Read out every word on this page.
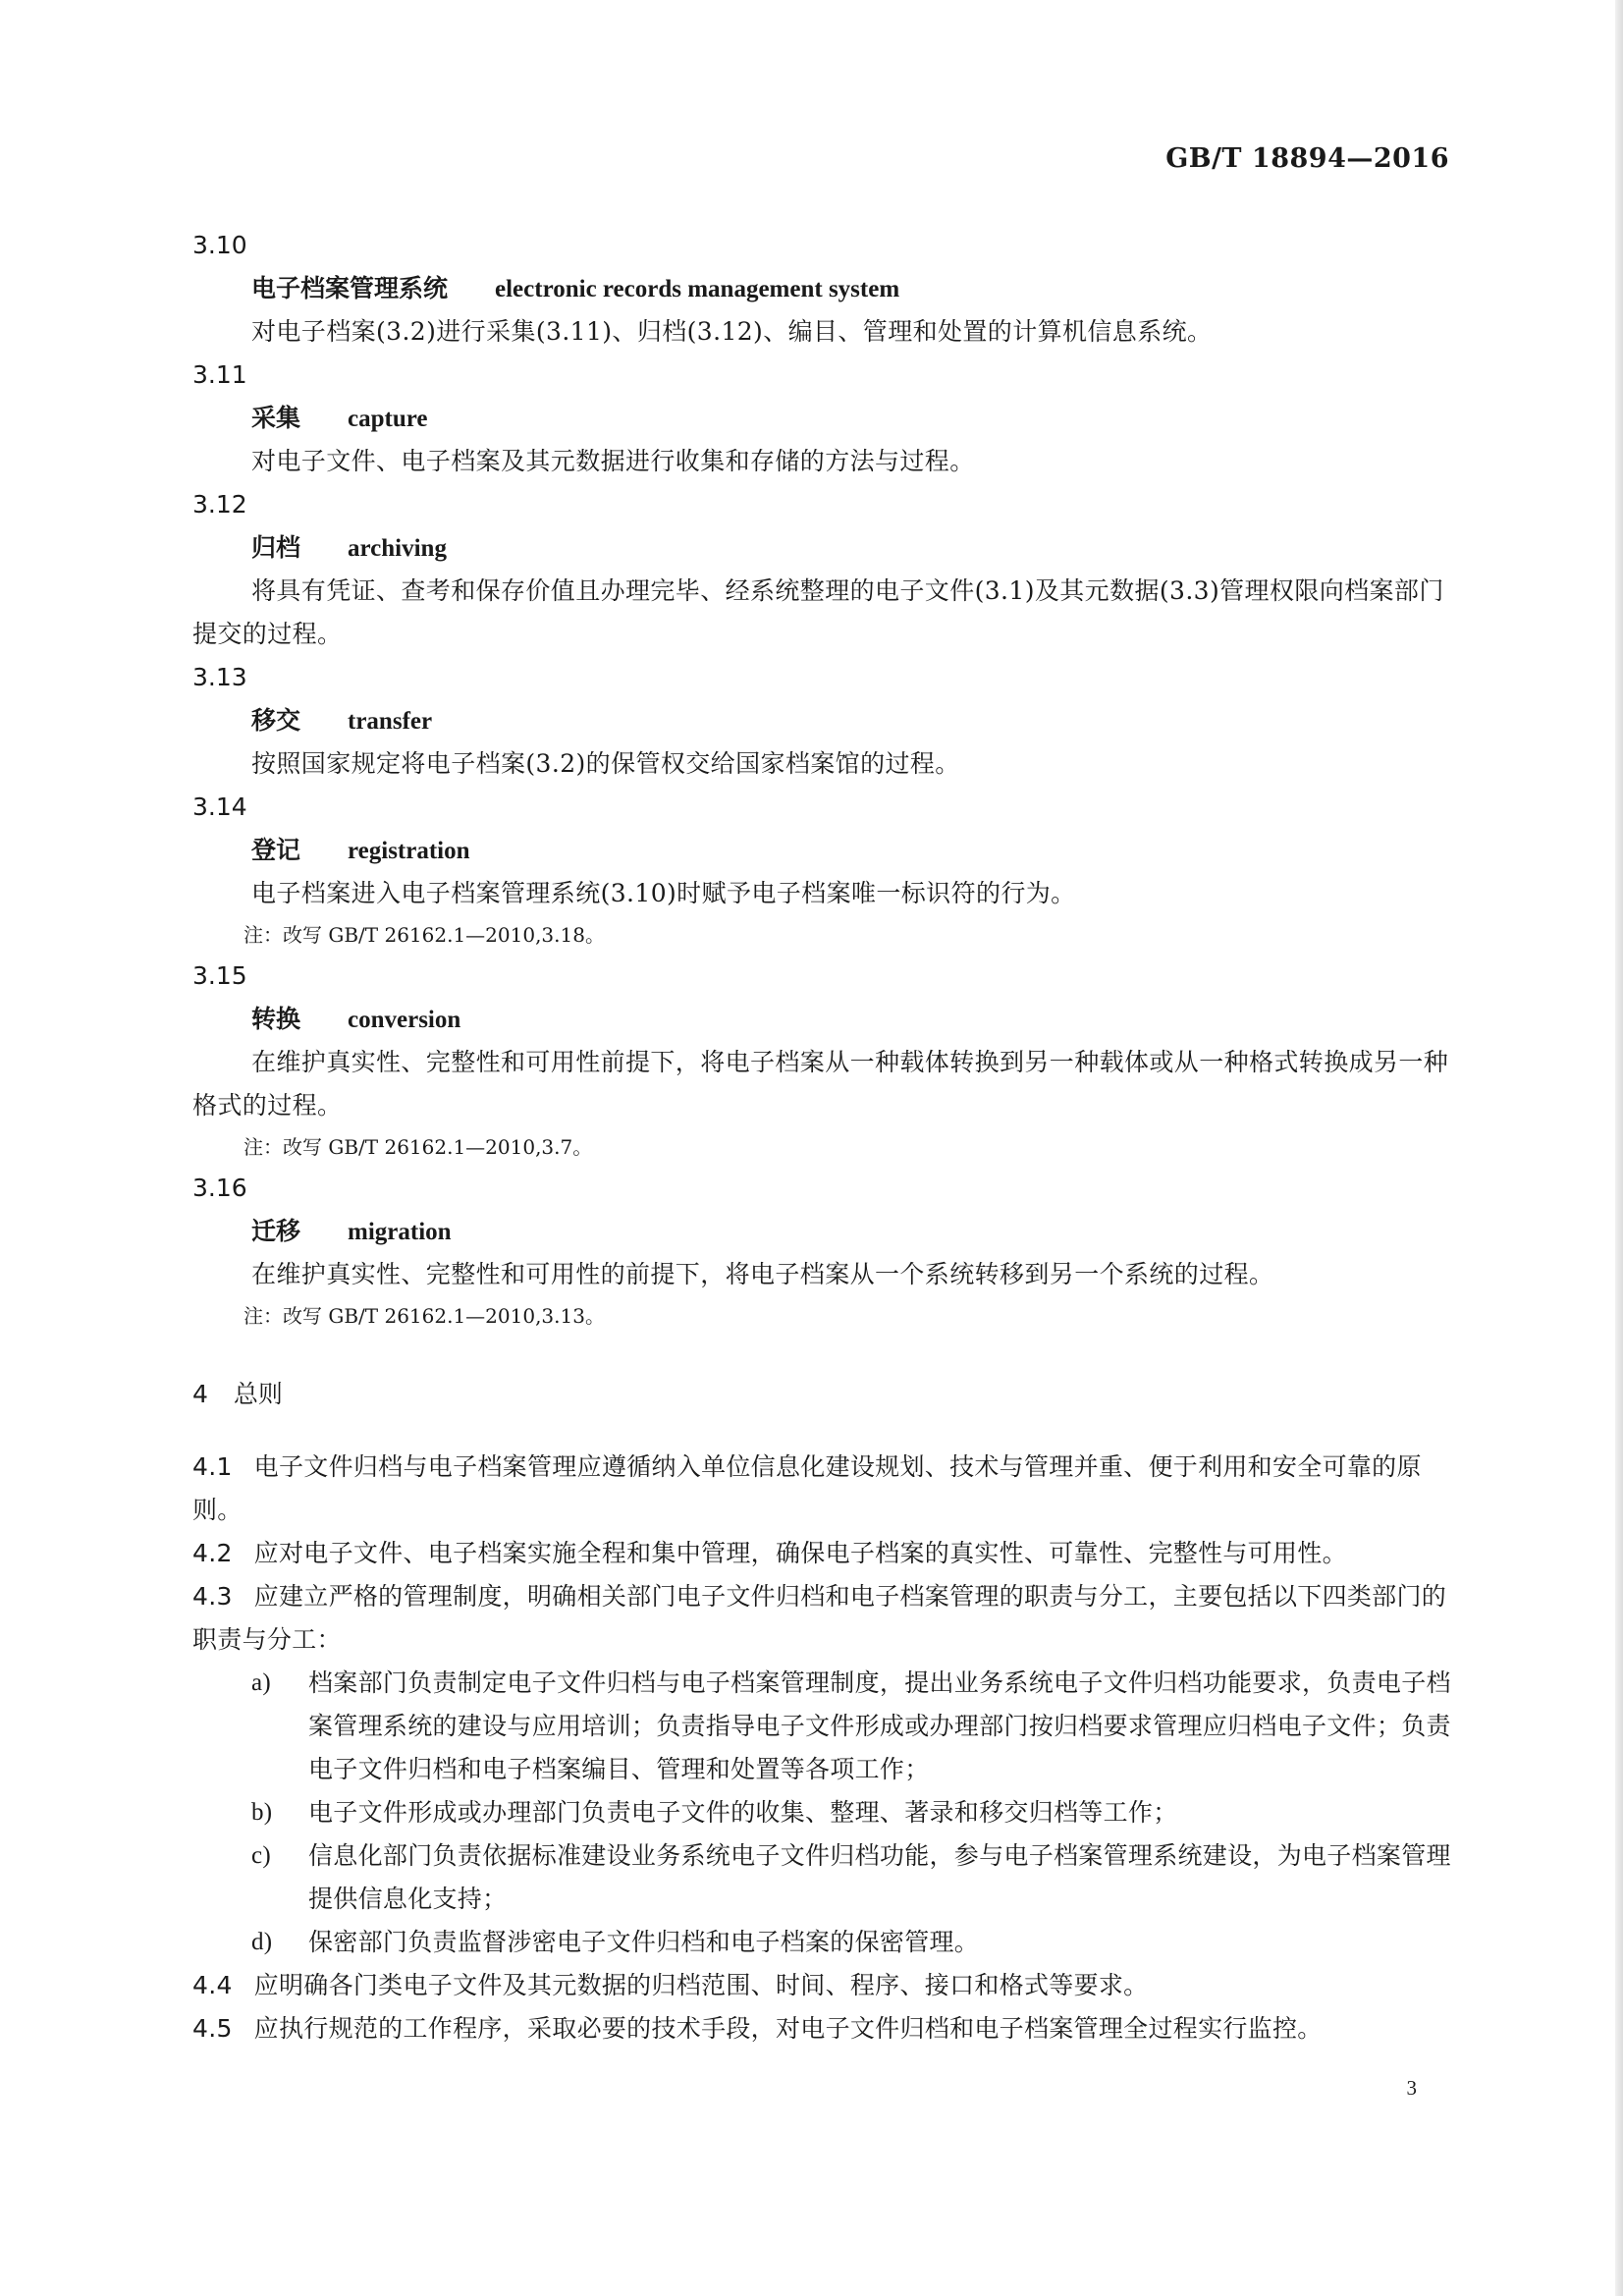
GB/T 18894—2016
3.10
电子档案管理系统 electronic records management system
对电子档案(3.2)进行采集(3.11)、归档(3.12)、编目、管理和处置的计算机信息系统。
3.11
采集 capture
对电子文件、电子档案及其元数据进行收集和存储的方法与过程。
3.12
归档 archiving
将具有凭证、查考和保存价值且办理完毕、经系统整理的电子文件(3.1)及其元数据(3.3)管理权限向档案部门提交的过程。
3.13
移交 transfer
按照国家规定将电子档案(3.2)的保管权交给国家档案馆的过程。
3.14
登记 registration
电子档案进入电子档案管理系统(3.10)时赋予电子档案唯一标识符的行为。
注：改写 GB/T 26162.1—2010,3.18。
3.15
转换 conversion
在维护真实性、完整性和可用性前提下，将电子档案从一种载体转换到另一种载体或从一种格式转换成另一种格式的过程。
注：改写 GB/T 26162.1—2010,3.7。
3.16
迁移 migration
在维护真实性、完整性和可用性的前提下，将电子档案从一个系统转移到另一个系统的过程。
注：改写 GB/T 26162.1—2010,3.13。
4 总则
4.1 电子文件归档与电子档案管理应遵循纳入单位信息化建设规划、技术与管理并重、便于利用和安全可靠的原则。
4.2 应对电子文件、电子档案实施全程和集中管理，确保电子档案的真实性、可靠性、完整性与可用性。
4.3 应建立严格的管理制度，明确相关部门电子文件归档和电子档案管理的职责与分工，主要包括以下四类部门的职责与分工：
a)	档案部门负责制定电子文件归档与电子档案管理制度，提出业务系统电子文件归档功能要求，负责电子档案管理系统的建设与应用培训；负责指导电子文件形成或办理部门按归档要求管理应归档电子文件；负责电子文件归档和电子档案编目、管理和处置等各项工作；
b)	电子文件形成或办理部门负责电子文件的收集、整理、著录和移交归档等工作；
c)	信息化部门负责依据标准建设业务系统电子文件归档功能，参与电子档案管理系统建设，为电子档案管理提供信息化支持；
d)	保密部门负责监督涉密电子文件归档和电子档案的保密管理。
4.4 应明确各门类电子文件及其元数据的归档范围、时间、程序、接口和格式等要求。
4.5 应执行规范的工作程序，采取必要的技术手段，对电子文件归档和电子档案管理全过程实行监控。
3
